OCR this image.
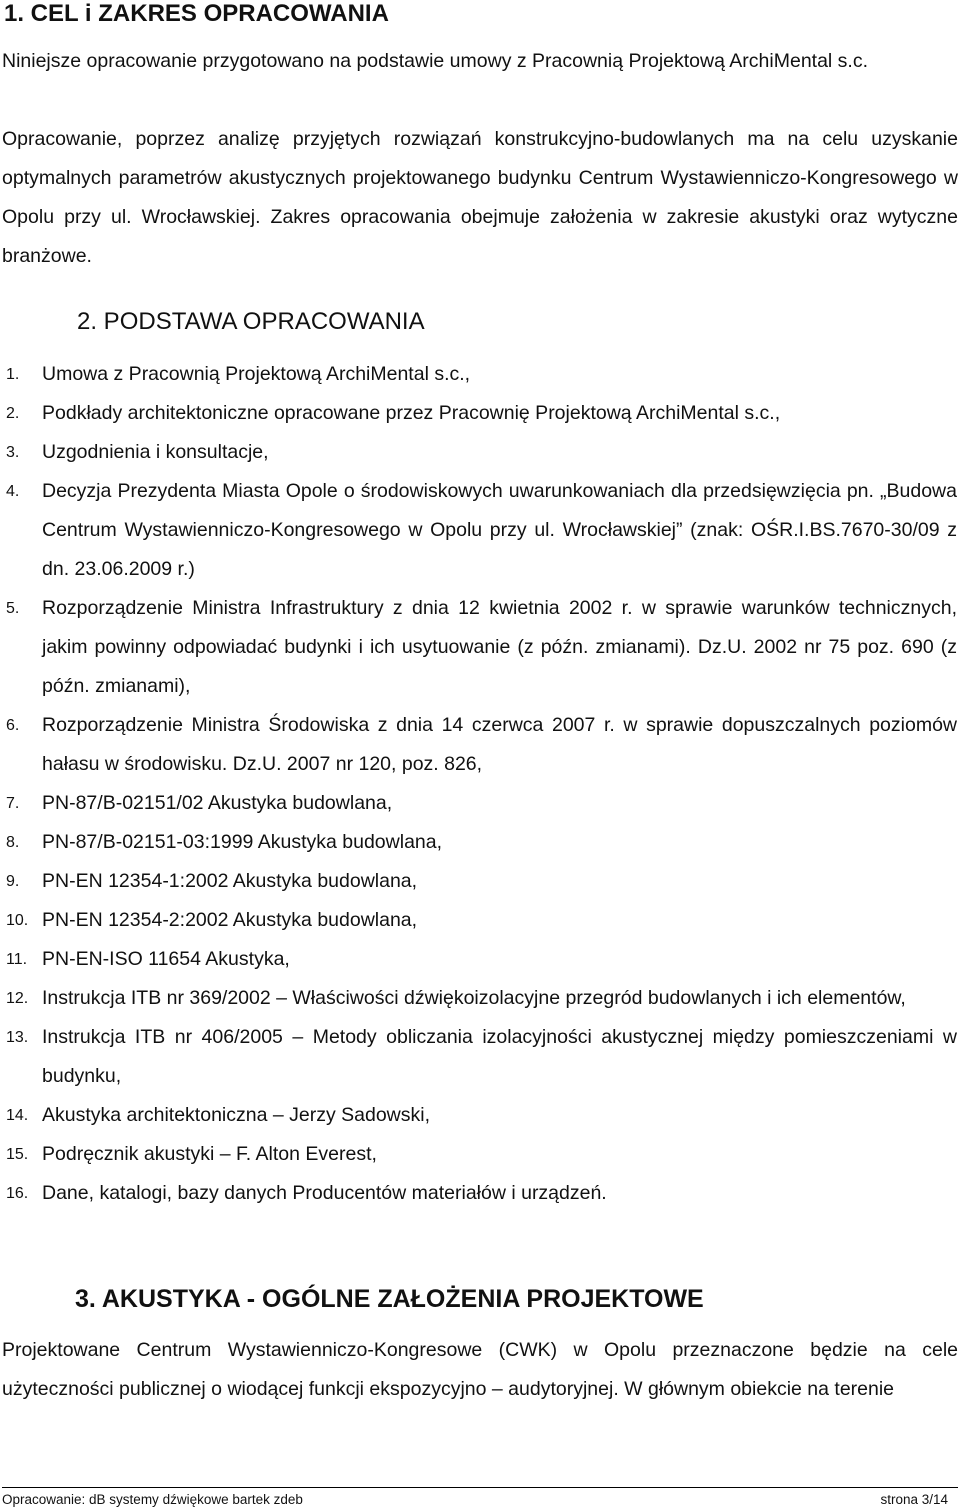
1. CEL i ZAKRES OPRACOWANIA
Niniejsze opracowanie przygotowano na podstawie umowy z Pracownią Projektową ArchiMental s.c.
Opracowanie, poprzez analizę przyjętych rozwiązań konstrukcyjno-budowlanych ma na celu uzyskanie optymalnych parametrów akustycznych projektowanego budynku Centrum Wystawienniczo-Kongresowego w Opolu przy ul. Wrocławskiej. Zakres opracowania obejmuje założenia w zakresie akustyki oraz wytyczne branżowe.
2. PODSTAWA OPRACOWANIA
1.	Umowa z Pracownią Projektową ArchiMental s.c.,
2.	Podkłady architektoniczne opracowane przez Pracownię Projektową ArchiMental s.c.,
3.	Uzgodnienia i konsultacje,
4.	Decyzja Prezydenta Miasta Opole o środowiskowych uwarunkowaniach dla przedsięwzięcia pn. „Budowa Centrum Wystawienniczo-Kongresowego w Opolu przy ul. Wrocławskiej” (znak: OŚR.I.BS.7670-30/09 z dn. 23.06.2009 r.)
5.	Rozporządzenie Ministra Infrastruktury z dnia 12 kwietnia 2002 r. w sprawie warunków technicznych, jakim powinny odpowiadać budynki i ich usytuowanie (z późn. zmianami). Dz.U. 2002 nr 75 poz. 690 (z późn. zmianami),
6.	Rozporządzenie Ministra Środowiska z dnia 14 czerwca 2007 r. w sprawie dopuszczalnych poziomów hałasu w środowisku. Dz.U. 2007 nr 120, poz. 826,
7.	PN-87/B-02151/02 Akustyka budowlana,
8.	PN-87/B-02151-03:1999 Akustyka budowlana,
9.	PN-EN 12354-1:2002 Akustyka budowlana,
10. PN-EN 12354-2:2002 Akustyka budowlana,
11. PN-EN-ISO 11654 Akustyka,
12. Instrukcja ITB nr 369/2002 – Właściwości dźwiękoizolacyjne przegród budowlanych i ich elementów,
13. Instrukcja ITB nr 406/2005 – Metody obliczania izolacyjności akustycznej między pomieszczeniami w budynku,
14. Akustyka architektoniczna – Jerzy Sadowski,
15. Podręcznik akustyki – F. Alton Everest,
16. Dane, katalogi, bazy danych Producentów materiałów i urządzeń.
3. AKUSTYKA - OGÓLNE ZAŁOŻENIA PROJEKTOWE
Projektowane Centrum Wystawienniczo-Kongresowe (CWK) w Opolu przeznaczone będzie na cele użyteczności publicznej o wiodącej funkcji ekspozycyjno – audytoryjnej. W głównym obiekcie na terenie
Opracowanie: dB systemy dźwiękowe bartek zdeb	strona 3/14
